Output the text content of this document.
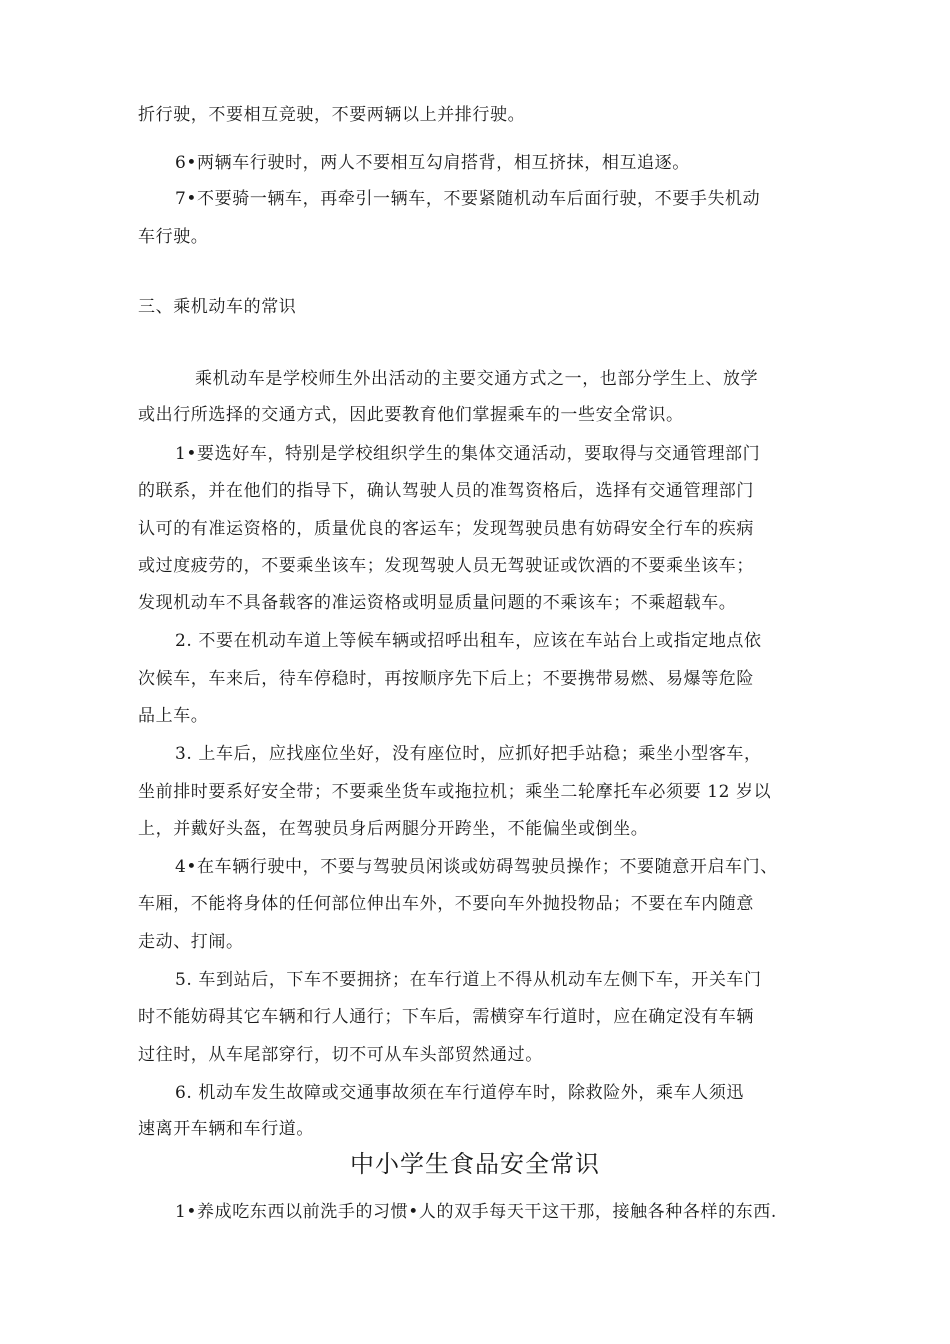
折行驶，不要相互竞驶，不要两辆以上并排行驶。
6•两辆车行驶时，两人不要相互勾肩搭背，相互挤抹，相互追逐。
7•不要骑一辆车，再牵引一辆车，不要紧随机动车后面行驶，不要手失机动
车行驶。
三、乘机动车的常识
乘机动车是学校师生外出活动的主要交通方式之一，也部分学生上、放学
或出行所选择的交通方式，因此要教育他们掌握乘车的一些安全常识。
1•要选好车，特别是学校组织学生的集体交通活动，要取得与交通管理部门
的联系，并在他们的指导下，确认驾驶人员的准驾资格后，选择有交通管理部门
认可的有准运资格的，质量优良的客运车；发现驾驶员患有妨碍安全行车的疾病
或过度疲劳的，不要乘坐该车；发现驾驶人员无驾驶证或饮酒的不要乘坐该车；
发现机动车不具备载客的准运资格或明显质量问题的不乘该车；不乘超载车。
2. 不要在机动车道上等候车辆或招呼出租车，应该在车站台上或指定地点依
次候车，车来后，待车停稳时，再按顺序先下后上；不要携带易燃、易爆等危险
品上车。
3. 上车后，应找座位坐好，没有座位时，应抓好把手站稳；乘坐小型客车，
坐前排时要系好安全带；不要乘坐货车或拖拉机；乘坐二轮摩托车必须要 12 岁以
上，并戴好头盔，在驾驶员身后两腿分开跨坐，不能偏坐或倒坐。
4•在车辆行驶中，不要与驾驶员闲谈或妨碍驾驶员操作；不要随意开启车门、
车厢，不能将身体的任何部位伸出车外，不要向车外抛投物品；不要在车内随意
走动、打闹。
5. 车到站后，下车不要拥挤；在车行道上不得从机动车左侧下车，开关车门
时不能妨碍其它车辆和行人通行；下车后，需横穿车行道时，应在确定没有车辆
过往时，从车尾部穿行，切不可从车头部贸然通过。
6. 机动车发生故障或交通事故须在车行道停车时，除救险外，乘车人须迅
速离开车辆和车行道。
中小学生食品安全常识
1•养成吃东西以前洗手的习惯•人的双手每天干这干那，接触各种各样的东西.
